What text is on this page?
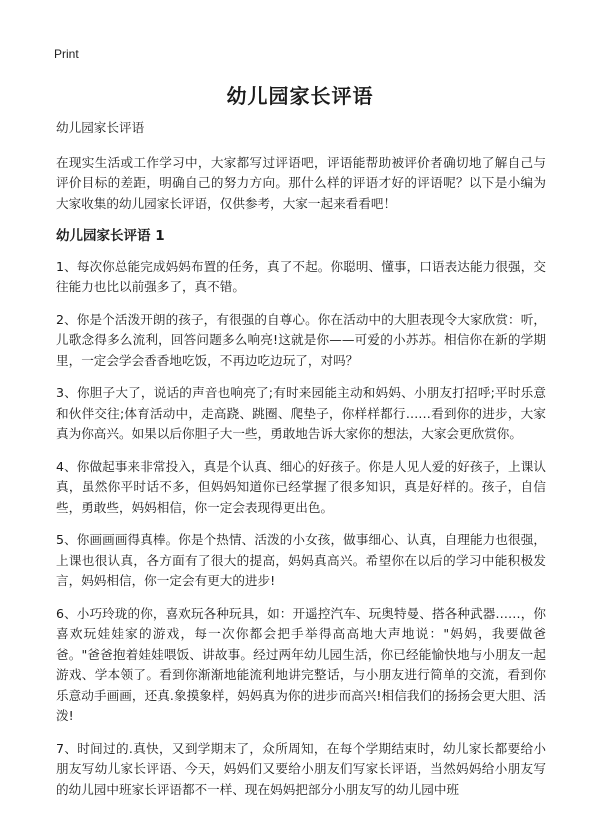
Print
幼儿园家长评语

幼儿园家长评语

在现实生活或工作学习中，大家都写过评语吧，评语能帮助被评价者确切地了解自己与评价目标的差距，明确自己的努力方向。那什么样的评语才好的评语呢？以下是小编为大家收集的幼儿园家长评语，仅供参考，大家一起来看看吧！

幼儿园家长评语 1

1、每次你总能完成妈妈布置的任务，真了不起。你聪明、懂事，口语表达能力很强，交往能力也比以前强多了，真不错。

2、你是个活泼开朗的孩子，有很强的自尊心。你在活动中的大胆表现令大家欣赏：听，儿歌念得多么流利，回答问题多么响亮!这就是你——可爱的小苏苏。相信你在新的学期里，一定会学会香香地吃饭，不再边吃边玩了，对吗？

3、你胆子大了，说话的声音也响亮了;有时来园能主动和妈妈、小朋友打招呼;平时乐意和伙伴交往;体育活动中，走高跷、跳圈、爬垫子，你样样都行……看到你的进步，大家真为你高兴。如果以后你胆子大一些，勇敢地告诉大家你的想法，大家会更欣赏你。

4、你做起事来非常投入，真是个认真、细心的好孩子。你是人见人爱的好孩子，上课认真，虽然你平时话不多，但妈妈知道你已经掌握了很多知识，真是好样的。孩子，自信些，勇敢些，妈妈相信，你一定会表现得更出色。

5、你画画画得真棒。你是个热情、活泼的小女孩，做事细心、认真，自理能力也很强，上课也很认真，各方面有了很大的提高，妈妈真高兴。希望你在以后的学习中能积极发言，妈妈相信，你一定会有更大的进步!

6、小巧玲珑的你，喜欢玩各种玩具，如：开遥控汽车、玩奥特曼、搭各种武器……，你喜欢玩娃娃家的游戏，每一次你都会把手举得高高地大声地说："妈妈，我要做爸爸。"爸爸抱着娃娃喂饭、讲故事。经过两年幼儿园生活，你已经能愉快地与小朋友一起游戏、学本领了。看到你渐渐地能流利地讲完整话，与小朋友进行简单的交流，看到你乐意动手画画，还真.象摸象样，妈妈真为你的进步而高兴!相信我们的扬扬会更大胆、活泼!

7、时间过的.真快，又到学期末了，众所周知，在每个学期结束时，幼儿家长都要给小朋友写幼儿家长评语、今天，妈妈们又要给小朋友们写家长评语，当然妈妈给小朋友写的幼儿园中班家长评语都不一样、现在妈妈把部分小朋友写的幼儿园中班
